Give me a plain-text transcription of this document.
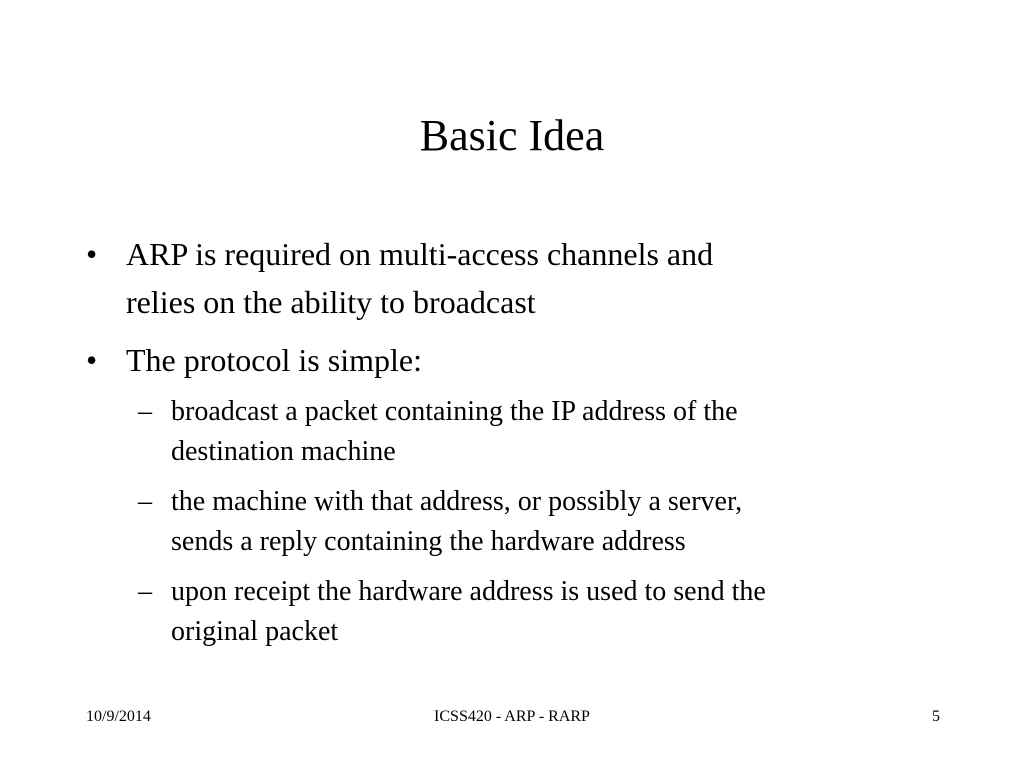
Basic Idea
• ARP is required on multi-access channels and
relies on the ability to broadcast
• The protocol is simple:
– broadcast a packet containing the IP address of the
destination machine
– the machine with that address, or possibly a server,
sends a reply containing the hardware address
– upon receipt the hardware address is used to send the
original packet
10/9/2014	ICSS420 - ARP - RARP	5
